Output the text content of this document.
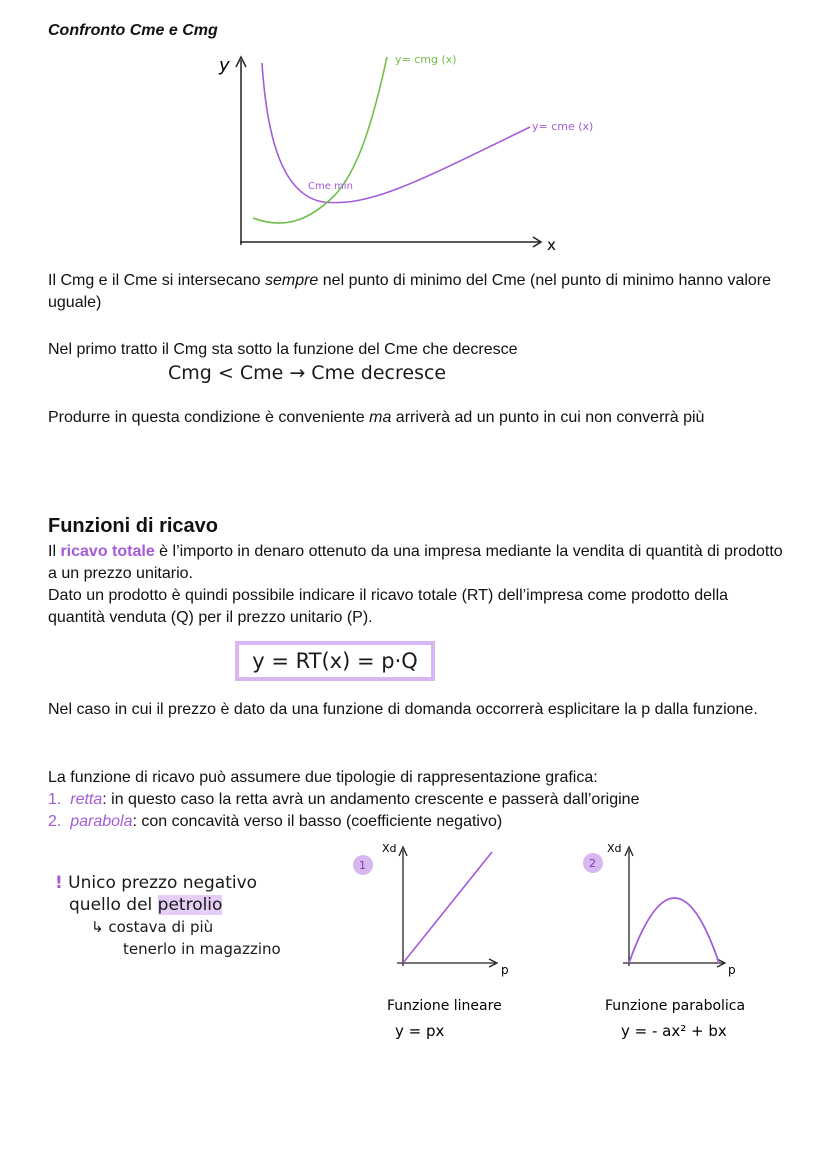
Confronto Cme e Cmg
y
x
y= cmg (x)
y= cme (x)
Cme min
Il Cmg e il Cme si intersecano sempre nel punto di minimo del Cme (nel punto di minimo hanno valore uguale)
Nel primo tratto il Cmg sta sotto la funzione del Cme che decresce
Cmg < Cme → Cme decresce
Produrre in questa condizione è conveniente ma arriverà ad un punto in cui non converrà più
Funzioni di ricavo
Il ricavo totale è l’importo in denaro ottenuto da una impresa mediante la vendita di quantità di prodotto a un prezzo unitario.
Dato un prodotto è quindi possibile indicare il ricavo totale (RT) dell’impresa come prodotto della quantità venduta (Q) per il prezzo unitario (P).
y = RT(x) = p·Q
Nel caso in cui il prezzo è dato da una funzione di domanda occorrerà esplicitare la p dalla funzione.
La funzione di ricavo può assumere due tipologie di rappresentazione grafica:
1. retta: in questo caso la retta avrà un andamento crescente e passerà dall’origine
2. parabola: con concavità verso il basso (coefficiente negativo)
! Unico prezzo negativo
quello del petrolio
↳ costava di più
tenerlo in magazzino
1
Xd
p
Funzione lineare
y = px
2
Xd
p
Funzione parabolica
y = - ax² + bx
